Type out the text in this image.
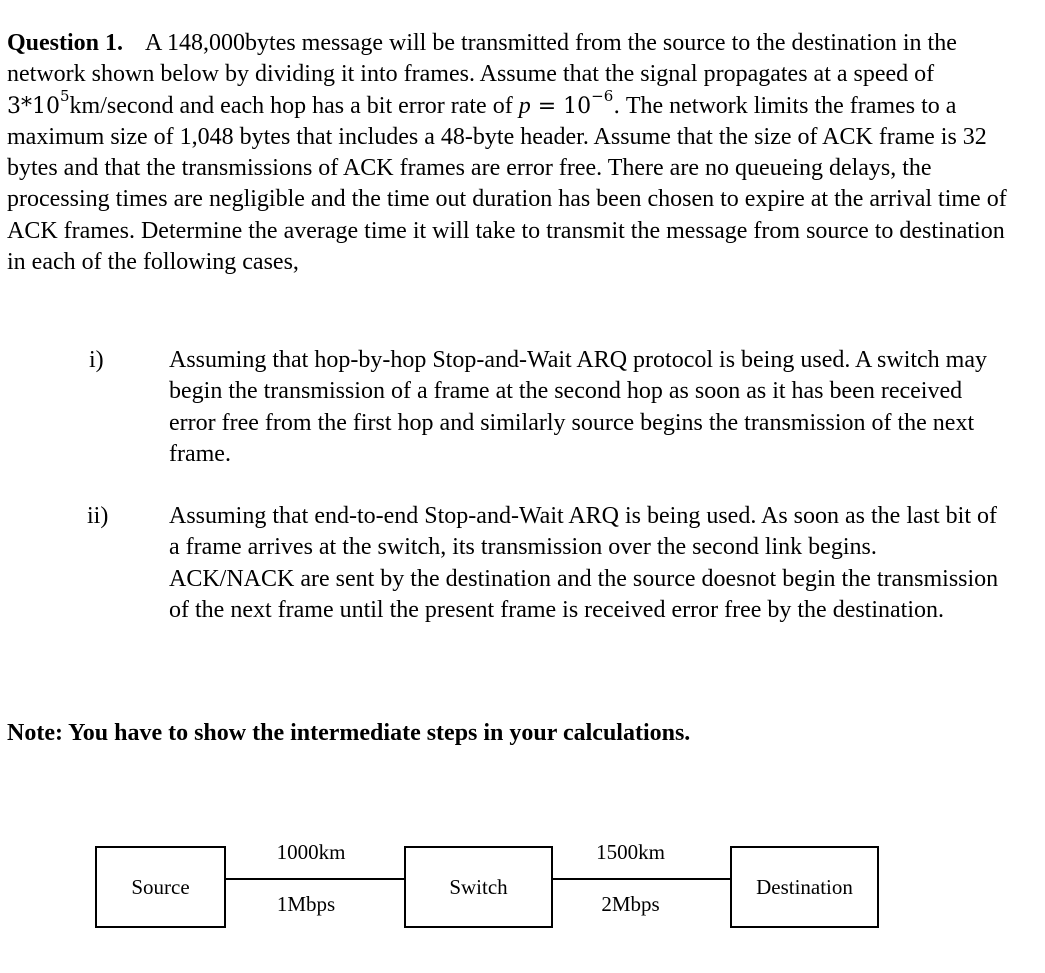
Question 1. A 148,000bytes message will be transmitted from the source to the destination in the network shown below by dividing it into frames. Assume that the signal propagates at a speed of $3*10^5km$/second and each hop has a bit error rate of $p = 10^{-6}$. The network limits the frames to a maximum size of 1,048 bytes that includes a 48-byte header. Assume that the size of ACK frame is 32 bytes and that the transmissions of ACK frames are error free. There are no queueing delays, the processing times are negligible and the time out duration has been chosen to expire at the arrival time of ACK frames. Determine the average time it will take to transmit the message from source to destination in each of the following cases,
i)	Assuming that hop-by-hop Stop-and-Wait ARQ protocol is being used. A switch may begin the transmission of a frame at the second hop as soon as it has been received error free from the first hop and similarly source begins the transmission of the next frame.
ii)	Assuming that end-to-end Stop-and-Wait ARQ is being used. As soon as the last bit of a frame arrives at the switch, its transmission over the second link begins. ACK/NACK are sent by the destination and the source doesnot begin the transmission of the next frame until the present frame is received error free by the destination.
Note: You have to show the intermediate steps in your calculations.
Source
1000km
1Mbps
Switch
1500km
2Mbps
Destination
